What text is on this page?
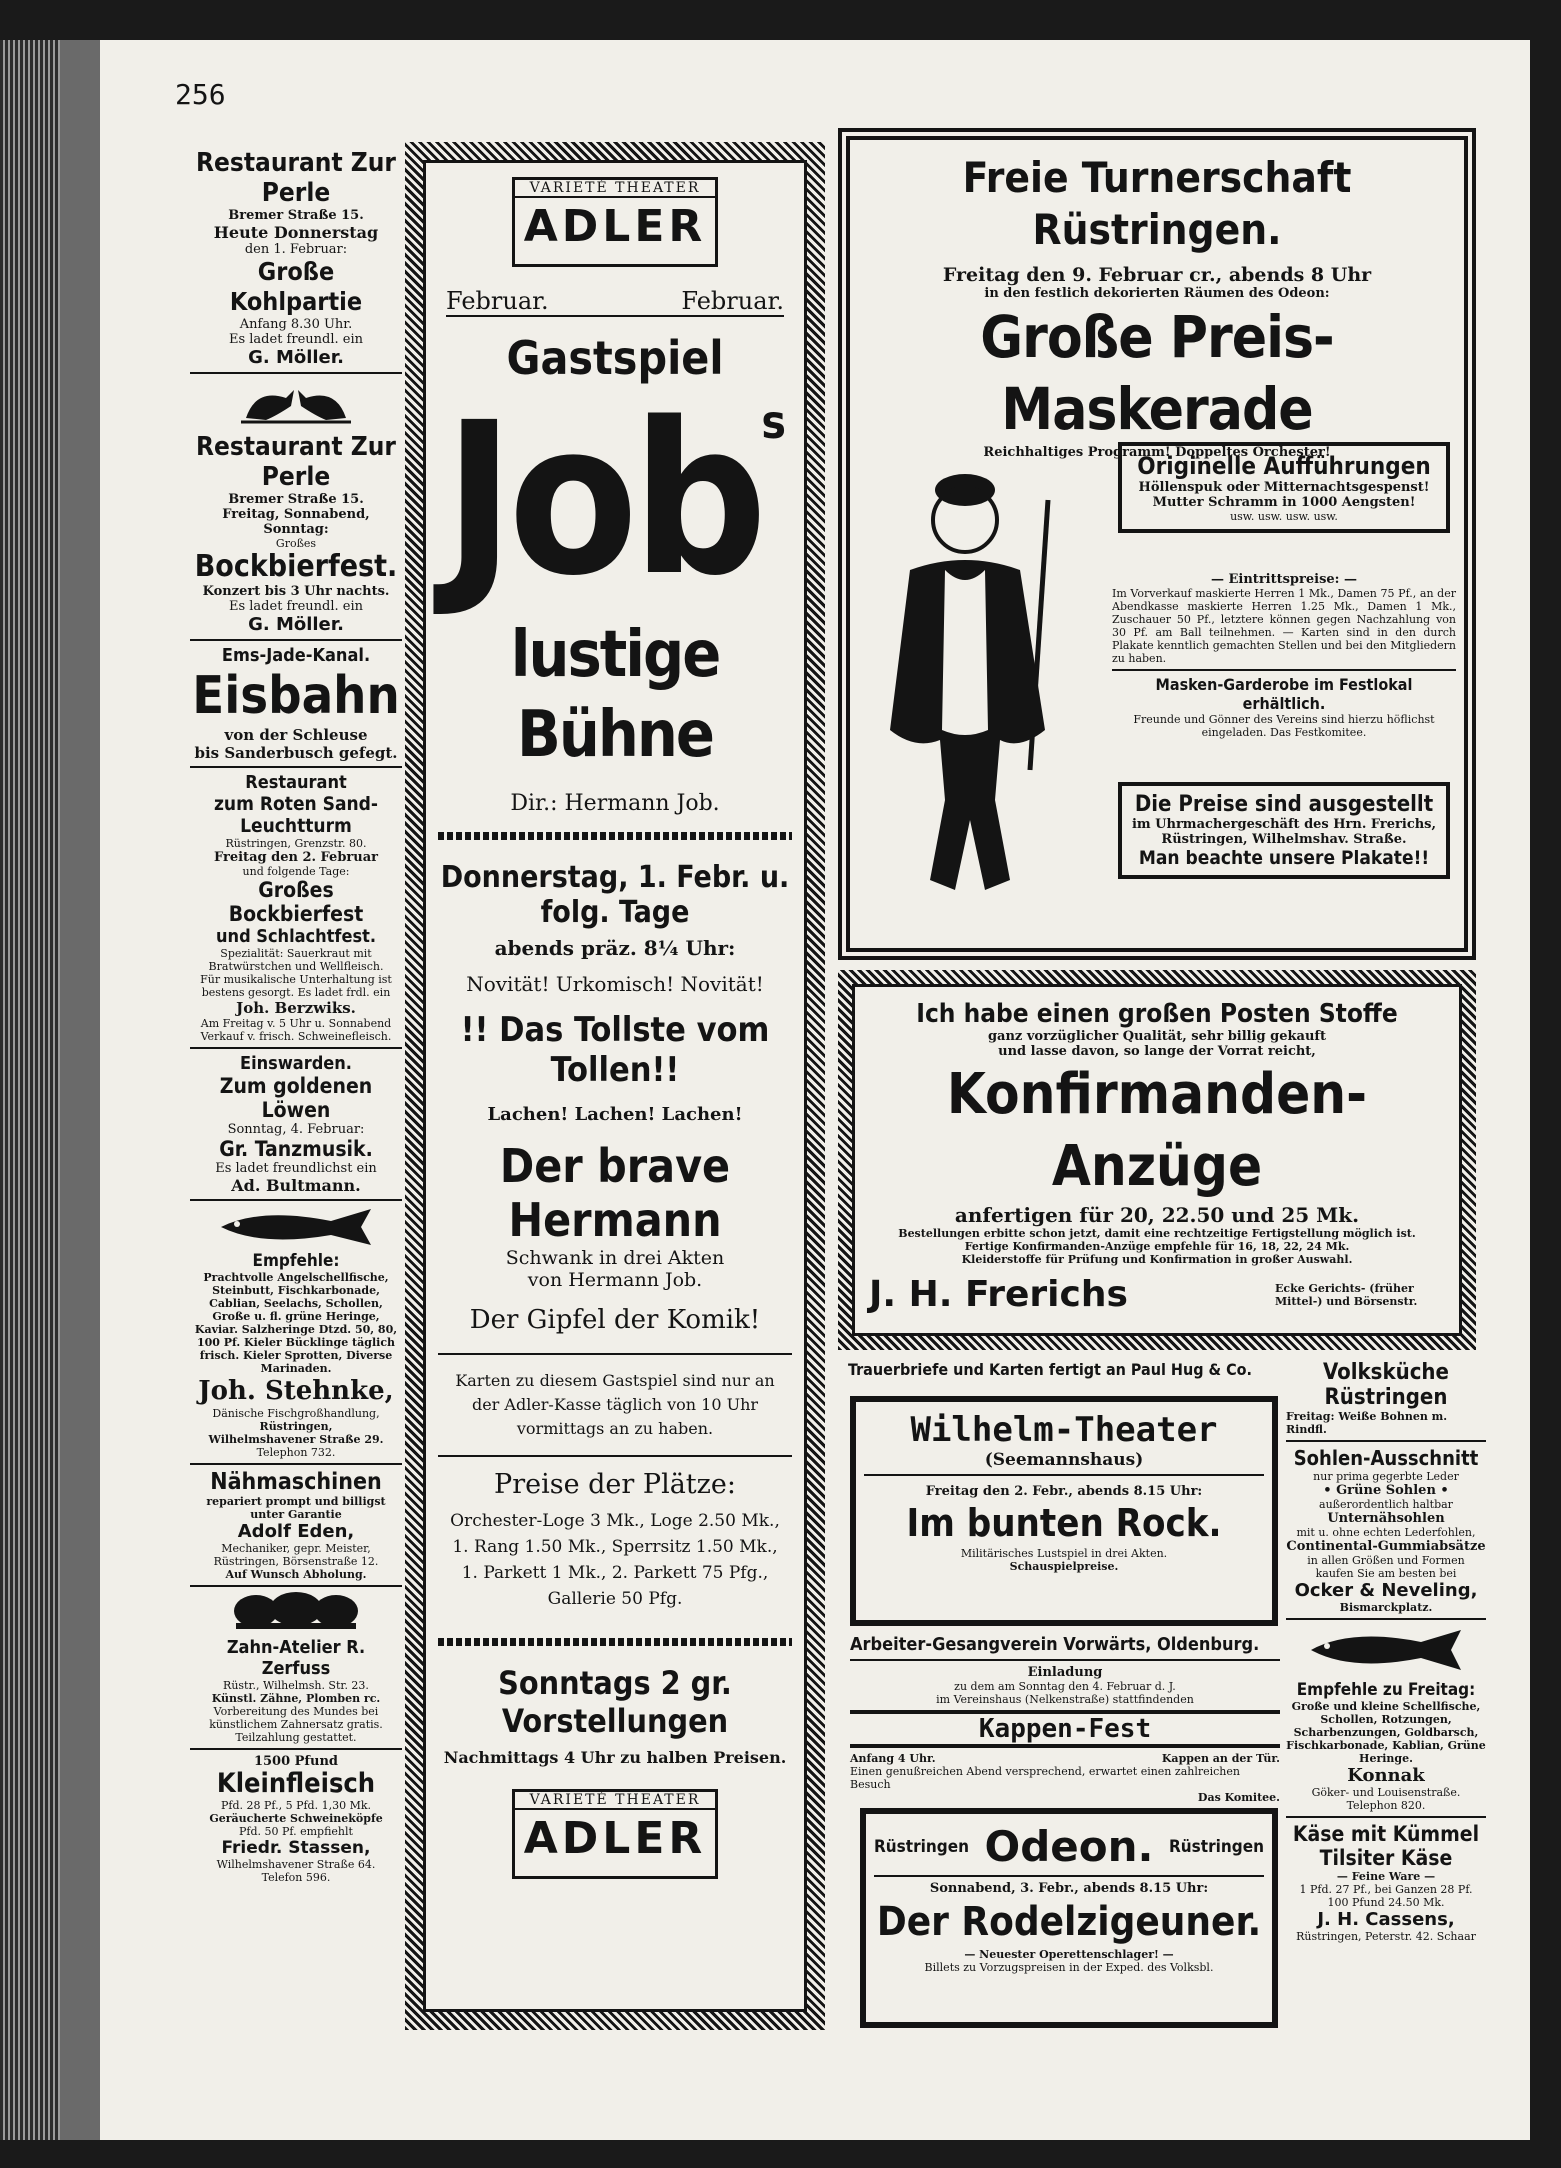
256
Restaurant Zur Perle
Bremer Straße 15.
Heute Donnerstag
den 1. Februar:
Große Kohlpartie
Anfang 8.30 Uhr.
Es ladet freundl. ein
G. Möller.
Restaurant Zur Perle
Bremer Straße 15.
Freitag, Sonnabend, Sonntag:
Großes
Bockbierfest.
Konzert bis 3 Uhr nachts.
Es ladet freundl. ein
G. Möller.
Ems-Jade-Kanal.
Eisbahn
von der Schleuse
bis Sanderbusch gefegt.
Restaurant
zum Roten Sand-Leuchtturm
Rüstringen, Grenzstr. 80.
Freitag den 2. Februar
und folgende Tage:
Großes Bockbierfest
und Schlachtfest.
Spezialität: Sauerkraut mit Bratwürstchen und Wellfleisch.
Für musikalische Unterhaltung ist bestens gesorgt. Es ladet frdl. ein
Joh. Berzwiks.
Am Freitag v. 5 Uhr u. Sonnabend Verkauf v. frisch. Schweinefleisch.
Einswarden.
Zum goldenen Löwen
Sonntag, 4. Februar:
Gr. Tanzmusik.
Es ladet freundlichst ein
Ad. Bultmann.
Empfehle:
Prachtvolle Angelschellfische, Steinbutt, Fischkarbonade, Cablian, Seelachs, Schollen, Große u. fl. grüne Heringe, Kaviar. Salzheringe Dtzd. 50, 80, 100 Pf. Kieler Bücklinge täglich frisch. Kieler Sprotten, Diverse Marinaden.
Joh. Stehnke,
Dänische Fischgroßhandlung,
Rüstringen,
Wilhelmshavener Straße 29.
Telephon 732.
Nähmaschinen
repariert prompt und billigst unter Garantie
Adolf Eden,
Mechaniker, gepr. Meister,
Rüstringen, Börsenstraße 12.
Auf Wunsch Abholung.
Zahn-Atelier R. Zerfuss
Rüstr., Wilhelmsh. Str. 23.
Künstl. Zähne, Plomben rc.
Vorbereitung des Mundes bei künstlichem Zahnersatz gratis.
Teilzahlung gestattet.
1500 Pfund
Kleinfleisch
Pfd. 28 Pf., 5 Pfd. 1,30 Mk.
Geräucherte Schweineköpfe
Pfd. 50 Pf. empfiehlt
Friedr. Stassen,
Wilhelmshavener Straße 64.
Telefon 596.
VARIETÉ THEATER
ADLER
Februar.	Februar.
Gastspiel
Jobs
lustige Bühne
Dir.: Hermann Job.
Donnerstag, 1. Febr. u. folg. Tage
abends präz. 8¼ Uhr:
Novität! Urkomisch! Novität!
!! Das Tollste vom Tollen!!
Lachen! Lachen! Lachen!
Der brave Hermann
Schwank in drei Akten
von Hermann Job.
Der Gipfel der Komik!
Karten zu diesem Gastspiel sind nur an der Adler-Kasse täglich von 10 Uhr vormittags an zu haben.
Preise der Plätze:
Orchester-Loge 3 Mk., Loge 2.50 Mk.,
1. Rang 1.50 Mk., Sperrsitz 1.50 Mk.,
1. Parkett 1 Mk., 2. Parkett 75 Pfg.,
Gallerie 50 Pfg.
Sonntags 2 gr. Vorstellungen
Nachmittags 4 Uhr zu halben Preisen.
VARIETÉ THEATER
ADLER
Freie Turnerschaft Rüstringen.
Freitag den 9. Februar cr., abends 8 Uhr
in den festlich dekorierten Räumen des Odeon:
Große Preis-Maskerade
Reichhaltiges Programm! Doppeltes Orchester!
Originelle Aufführungen
Höllenspuk oder Mitternachtsgespenst!
Mutter Schramm in 1000 Aengsten!
usw. usw. usw. usw.
— Eintrittspreise: —
Im Vorverkauf maskierte Herren 1 Mk., Damen 75 Pf., an der Abendkasse maskierte Herren 1.25 Mk., Damen 1 Mk., Zuschauer 50 Pf., letztere können gegen Nachzahlung von 30 Pf. am Ball teilnehmen. — Karten sind in den durch Plakate kenntlich gemachten Stellen und bei den Mitgliedern zu haben.
Masken-Garderobe im Festlokal erhältlich.
Freunde und Gönner des Vereins sind hierzu höflichst eingeladen. Das Festkomitee.
Die Preise sind ausgestellt
im Uhrmachergeschäft des Hrn. Frerichs,
Rüstringen, Wilhelmshav. Straße.
Man beachte unsere Plakate!!
Ich habe einen großen Posten Stoffe
ganz vorzüglicher Qualität, sehr billig gekauft
und lasse davon, so lange der Vorrat reicht,
Konfirmanden-Anzüge
anfertigen für 20, 22.50 und 25 Mk.
Bestellungen erbitte schon jetzt, damit eine rechtzeitige Fertigstellung möglich ist.
Fertige Konfirmanden-Anzüge empfehle für 16, 18, 22, 24 Mk.
Kleiderstoffe für Prüfung und Konfirmation in großer Auswahl.
J. H. Frerichs	Ecke Gerichts- (früher Mittel-) und Börsenstr.
Trauerbriefe und Karten fertigt an Paul Hug & Co.
Wilhelm-Theater
(Seemannshaus)
Freitag den 2. Febr., abends 8.15 Uhr:
Im bunten Rock.
Militärisches Lustspiel in drei Akten.
Schauspielpreise.
Arbeiter-Gesangverein Vorwärts, Oldenburg.
Einladung
zu dem am Sonntag den 4. Februar d. J.
im Vereinshaus (Nelkenstraße) stattfindenden
Kappen-Fest
Anfang 4 Uhr.	Kappen an der Tür.
Einen genußreichen Abend versprechend, erwartet einen zahlreichen Besuch
Das Komitee.
Rüstringen Odeon. Rüstringen
Sonnabend, 3. Febr., abends 8.15 Uhr:
Der Rodelzigeuner.
— Neuester Operettenschlager! —
Billets zu Vorzugspreisen in der Exped. des Volksbl.
Volksküche Rüstringen
Freitag: Weiße Bohnen m. Rindfl.
Sohlen-Ausschnitt
nur prima gegerbte Leder
• Grüne Sohlen •
außerordentlich haltbar
Unternähsohlen
mit u. ohne echten Lederfohlen,
Continental-Gummiabsätze
in allen Größen und Formen
kaufen Sie am besten bei
Ocker & Neveling,
Bismarckplatz.
Empfehle zu Freitag:
Große und kleine Schellfische, Schollen, Rotzungen, Scharbenzungen, Goldbarsch, Fischkarbonade, Kablian, Grüne Heringe.
Konnak
Göker- und Louisenstraße.
Telephon 820.
Käse mit Kümmel
Tilsiter Käse
— Feine Ware —
1 Pfd. 27 Pf., bei Ganzen 28 Pf.
100 Pfund 24.50 Mk.
J. H. Cassens,
Rüstringen, Peterstr. 42. Schaar
